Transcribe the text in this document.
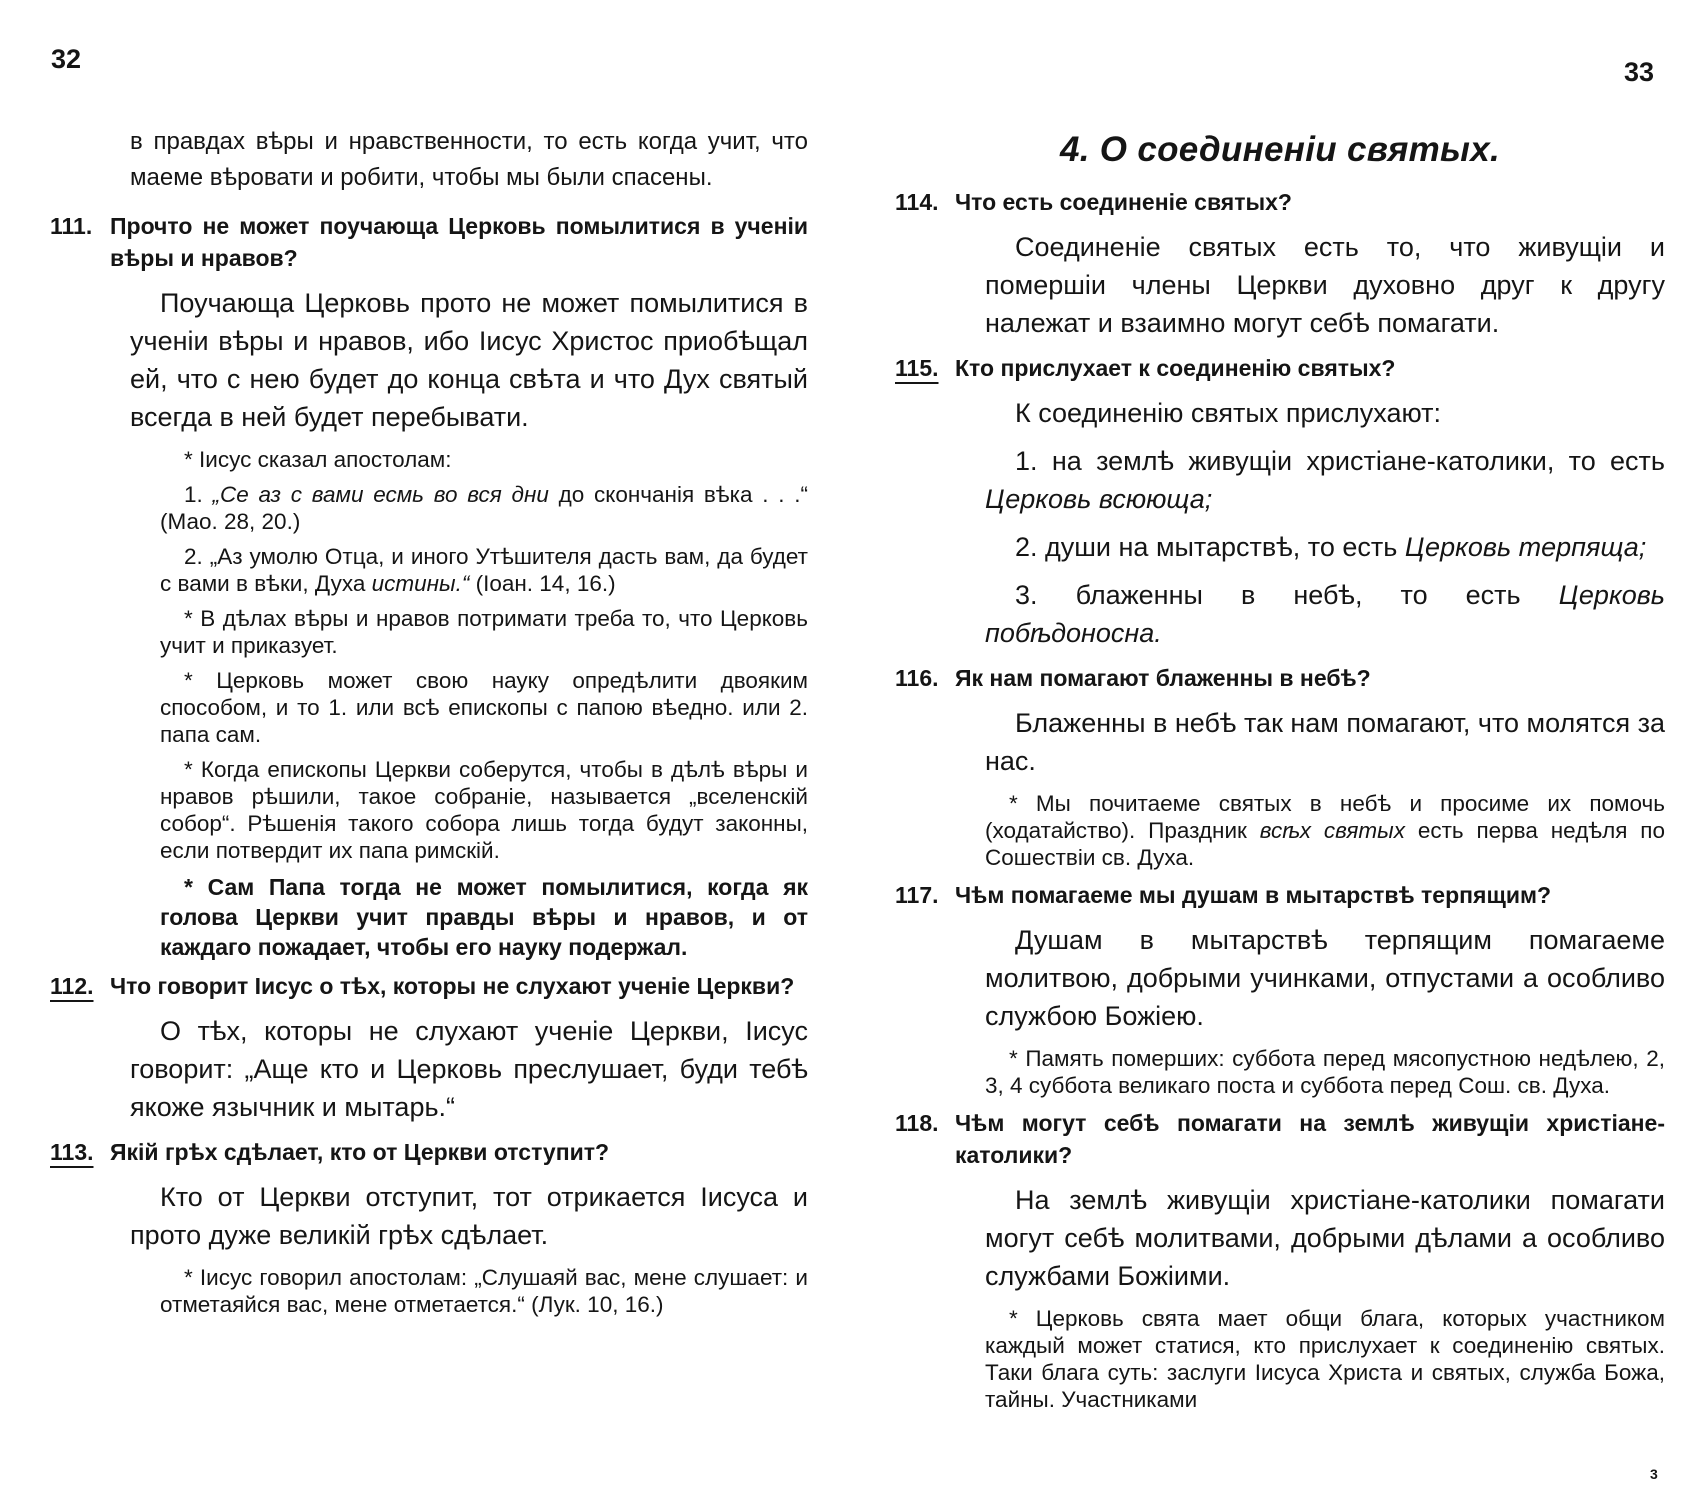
32

в правдах вѣры и нравственности, то есть когда учит, что маеме вѣровати и робити, чтобы мы были спасены.

111. Прочто не может поучающа Церковь помылитися в ученіи вѣры и нравов?

Поучающа Церковь прото не может помылитися в ученіи вѣры и нравов, ибо Іисус Христос приобѣщал ей, что с нею будет до конца свѣта и что Дух святый всегда в ней будет перебывати.

* Іисус сказал апостолам:

1. „Се аз с вами есмь во вся дни до скончанія вѣка . . .“ (Мао. 28, 20.)

2. „Аз умолю Отца, и иного Утѣшителя дасть вам, да будет с вами в вѣки, Духа истины.“ (Іоан. 14, 16.)

* В дѣлах вѣры и нравов потримати треба то, что Церковь учит и приказует.

* Церковь может свою науку опредѣлити двояким способом, и то 1. или всѣ епископы с папою вѣедно. или 2. папа сам.

* Когда епископы Церкви соберутся, чтобы в дѣлѣ вѣры и нравов рѣшили, такое собраніе, называется „вселенскій собор“. Рѣшенія такого собора лишь тогда будут законны, если потвердит их папа римскій.

* Сам Папа тогда не может помылитися, когда як голова Церкви учит правды вѣры и нравов, и от каждаго пожадает, чтобы его науку подержал.

112. Что говорит Іисус о тѣх, которы не слухают ученіе Церкви?

О тѣх, которы не слухают ученіе Церкви, Іисус говорит: „Аще кто и Церковь преслушает, буди тебѣ якоже язычник и мытарь.“

113. Якій грѣх сдѣлает, кто от Церкви отступит?

Кто от Церкви отступит, тот отрикается Іисуса и прото дуже великій грѣх сдѣлает.

* Іисус говорил апостолам: „Слушаяй вас, мене слушает: и отметаяйся вас, мене отметается.“ (Лук. 10, 16.)

33
4. О соединеніи святых.
114. Что есть соединеніе святых?

Соединеніе святых есть то, что живущіи и помершіи члены Церкви духовно друг к другу належат и взаимно могут себѣ помагати.

115. Кто прислухает к соединенію святых?

К соединенію святых прислухают:

1. на землѣ живущіи христіане-католики, то есть Церковь всююща;

2. души на мытарствѣ, то есть Церковь терпяща;

3. блаженны в небѣ, то есть Церковь побѣдоносна.

116. Як нам помагают блаженны в небѣ?

Блаженны в небѣ так нам помагают, что молятся за нас.

* Мы почитаеме святых в небѣ и просиме их помочь (ходатайство). Праздник всѣх святых есть перва недѣля по Сошествіи св. Духа.

117. Чѣм помагаеме мы душам в мытарствѣ терпящим?

Душам в мытарствѣ терпящим помагаеме молитвою, добрыми учинками, отпустами а особливо службою Божіею.

* Память померших: суббота перед мясопустною недѣлею, 2, 3, 4 суббота великаго поста и суббота перед Сош. св. Духа.

118. Чѣм могут себѣ помагати на землѣ живущіи христіане-католики?

На землѣ живущіи христіане-католики помагати могут себѣ молитвами, добрыми дѣлами а особливо службами Божіими.

* Церковь свята мает общи блага, которых участником каждый может статися, кто прислухает к соединенію святых. Таки блага суть: заслуги Іисуса Христа и святых, служба Божа, тайны. Участниками

3
